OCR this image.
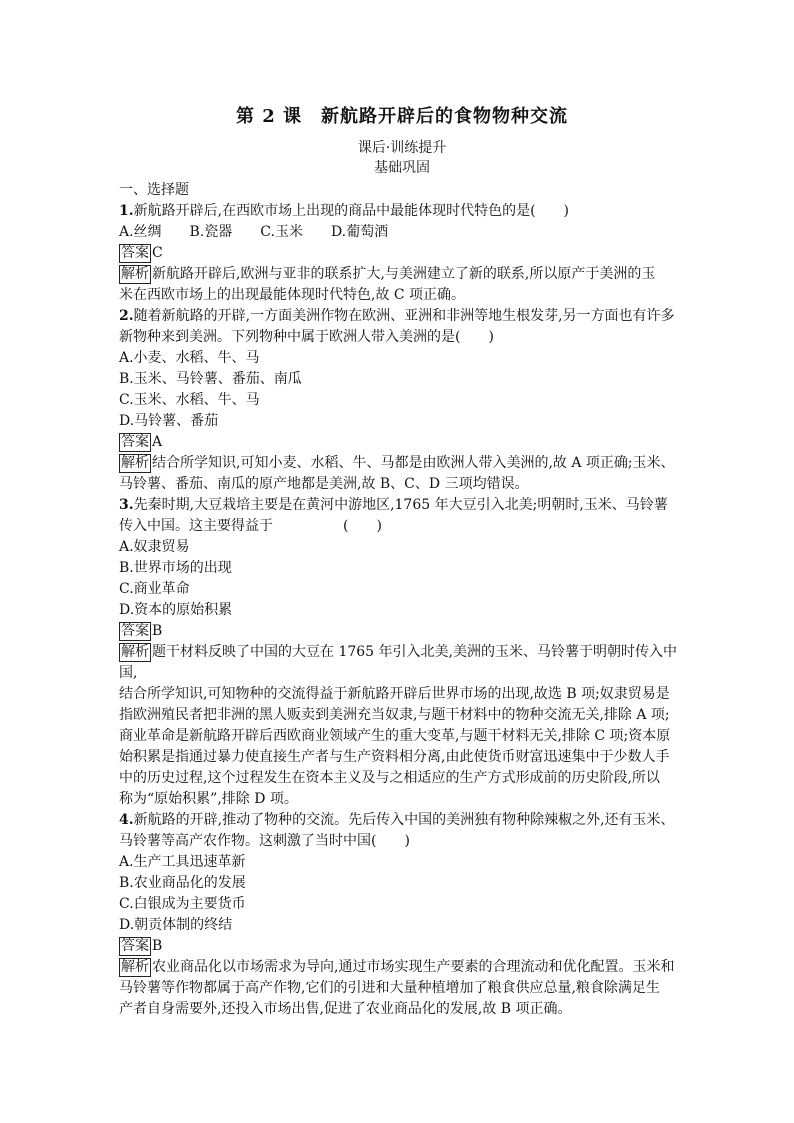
第 2 课　新航路开辟后的食物物种交流
课后·训练提升
基础巩固
一、选择题

1.新航路开辟后,在西欧市场上出现的商品中最能体现时代特色的是(　　)

A.丝绸　　B.瓷器　　C.玉米　　D.葡萄酒

答案 C

解析 新航路开辟后,欧洲与亚非的联系扩大,与美洲建立了新的联系,所以原产于美洲的玉

米在西欧市场上的出现最能体现时代特色,故 C 项正确。

2.随着新航路的开辟,一方面美洲作物在欧洲、亚洲和非洲等地生根发芽,另一方面也有许多

新物种来到美洲。下列物种中属于欧洲人带入美洲的是(　　)

A.小麦、水稻、牛、马

B.玉米、马铃薯、番茄、南瓜

C.玉米、水稻、牛、马

D.马铃薯、番茄

答案 A

解析 结合所学知识,可知小麦、水稻、牛、马都是由欧洲人带入美洲的,故 A 项正确;玉米、

马铃薯、番茄、南瓜的原产地都是美洲,故 B、C、D 三项均错误。

3.先秦时期,大豆栽培主要是在黄河中游地区,1765 年大豆引入北美;明朝时,玉米、马铃薯

传入中国。这主要得益于　　　　　(　　)

A.奴隶贸易

B.世界市场的出现

C.商业革命

D.资本的原始积累

答案 B

解析 题干材料反映了中国的大豆在 1765 年引入北美,美洲的玉米、马铃薯于明朝时传入中国,

结合所学知识,可知物种的交流得益于新航路开辟后世界市场的出现,故选 B 项;奴隶贸易是

指欧洲殖民者把非洲的黑人贩卖到美洲充当奴隶,与题干材料中的物种交流无关,排除 A 项;

商业革命是新航路开辟后西欧商业领域产生的重大变革,与题干材料无关,排除 C 项;资本原

始积累是指通过暴力使直接生产者与生产资料相分离,由此使货币财富迅速集中于少数人手

中的历史过程,这个过程发生在资本主义及与之相适应的生产方式形成前的历史阶段,所以

称为“原始积累”,排除 D 项。

4.新航路的开辟,推动了物种的交流。先后传入中国的美洲独有物种除辣椒之外,还有玉米、

马铃薯等高产农作物。这刺激了当时中国(　　)

A.生产工具迅速革新

B.农业商品化的发展

C.白银成为主要货币

D.朝贡体制的终结

答案 B

解析 农业商品化以市场需求为导向,通过市场实现生产要素的合理流动和优化配置。玉米和

马铃薯等作物都属于高产作物,它们的引进和大量种植增加了粮食供应总量,粮食除满足生

产者自身需要外,还投入市场出售,促进了农业商品化的发展,故 B 项正确。
